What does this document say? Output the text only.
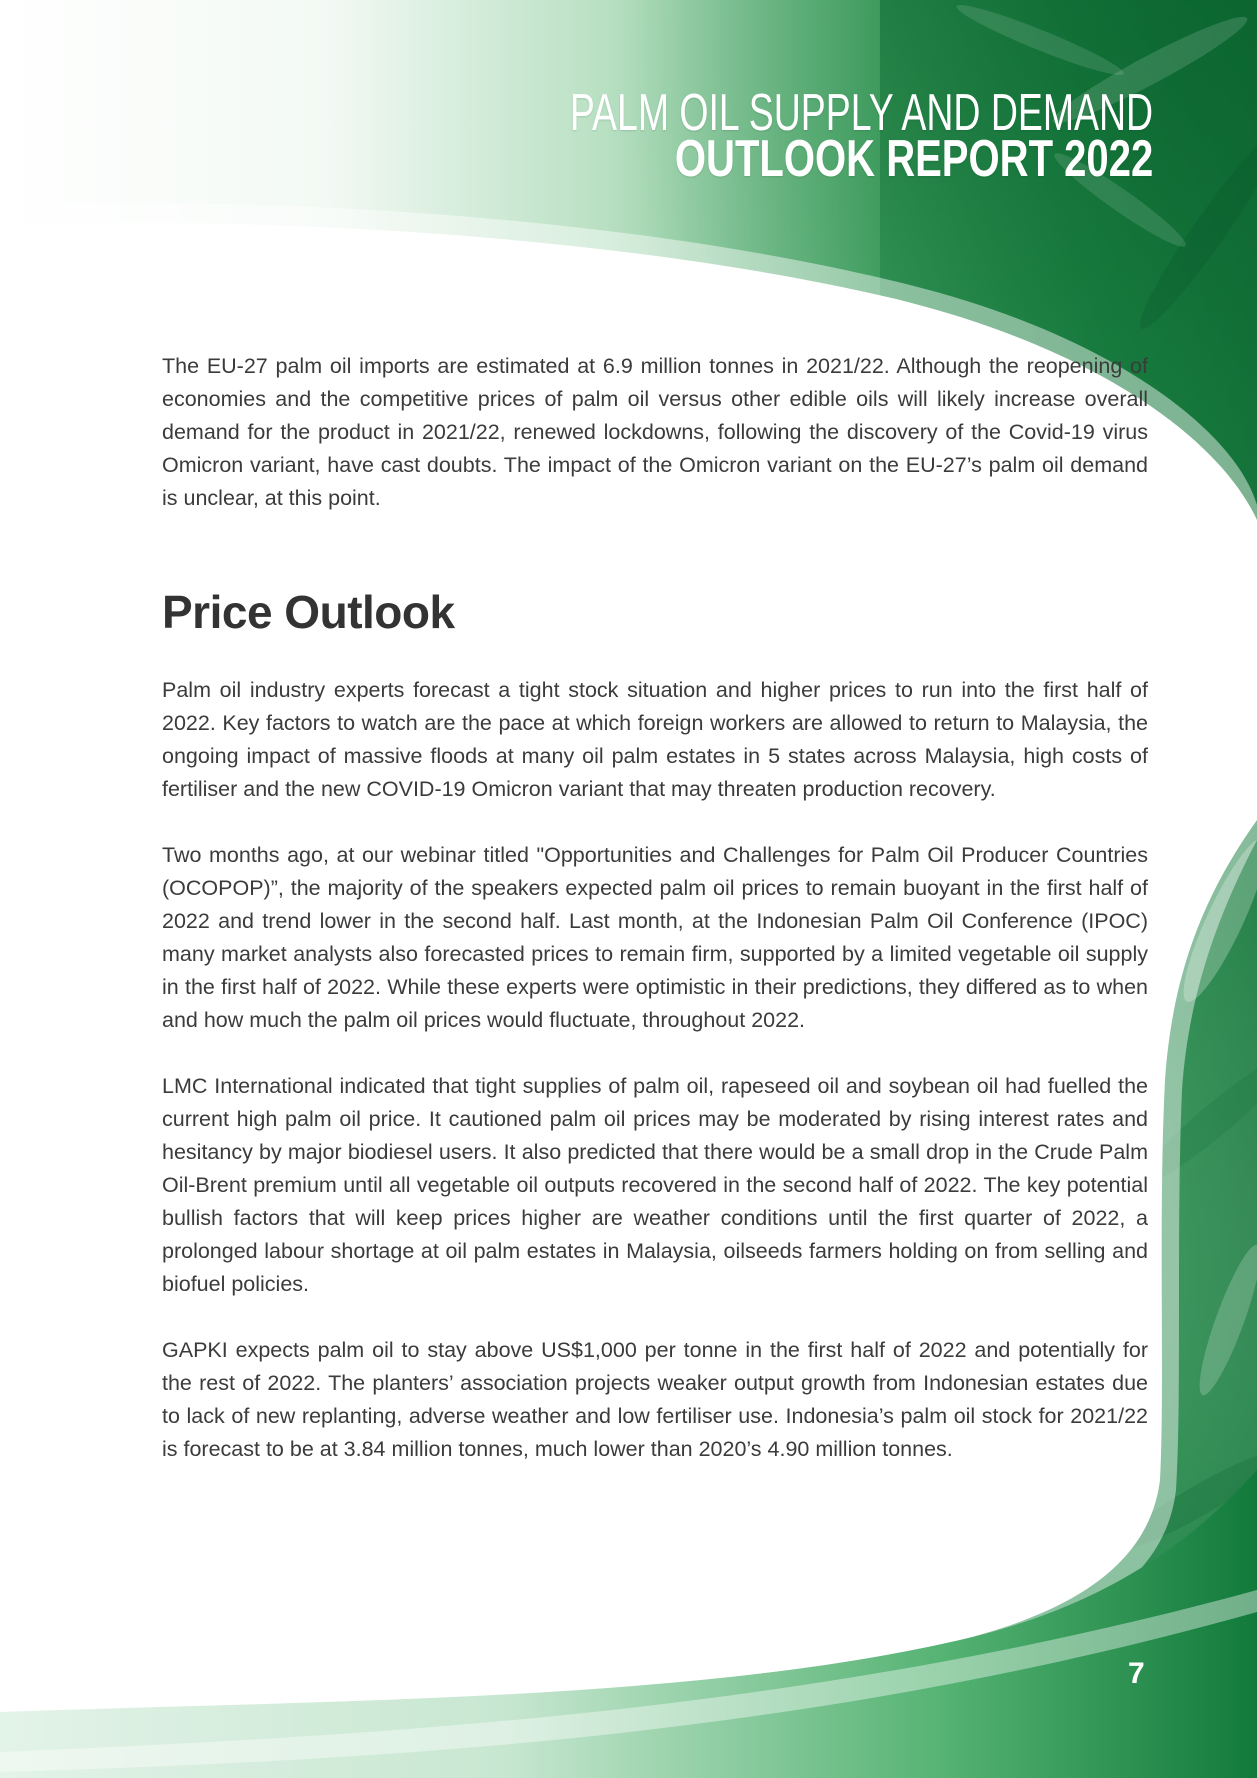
PALM OIL SUPPLY AND DEMAND
OUTLOOK REPORT 2022

The EU-27 palm oil imports are estimated at 6.9 million tonnes in 2021/22. Although the reopening of economies and the competitive prices of palm oil versus other edible oils will likely increase overall demand for the product in 2021/22, renewed lockdowns, following the discovery of the Covid-19 virus Omicron variant, have cast doubts. The impact of the Omicron variant on the EU-27’s palm oil demand is unclear, at this point.

Price Outlook

Palm oil industry experts forecast a tight stock situation and higher prices to run into the first half of 2022. Key factors to watch are the pace at which foreign workers are allowed to return to Malaysia, the ongoing impact of massive floods at many oil palm estates in 5 states across Malaysia, high costs of fertiliser and the new COVID-19 Omicron variant that may threaten production recovery.

Two months ago, at our webinar titled "Opportunities and Challenges for Palm Oil Producer Countries (OCOPOP)”, the majority of the speakers expected palm oil prices to remain buoyant in the first half of 2022 and trend lower in the second half. Last month, at the Indonesian Palm Oil Conference (IPOC) many market analysts also forecasted prices to remain firm, supported by a limited vegetable oil supply in the first half of 2022. While these experts were optimistic in their predictions, they differed as to when and how much the palm oil prices would fluctuate, throughout 2022.

LMC International indicated that tight supplies of palm oil, rapeseed oil and soybean oil had fuelled the current high palm oil price. It cautioned palm oil prices may be moderated by rising interest rates and hesitancy by major biodiesel users. It also predicted that there would be a small drop in the Crude Palm Oil-Brent premium until all vegetable oil outputs recovered in the second half of 2022. The key potential bullish factors that will keep prices higher are weather conditions until the first quarter of 2022, a prolonged labour shortage at oil palm estates in Malaysia, oilseeds farmers holding on from selling and biofuel policies.

GAPKI expects palm oil to stay above US$1,000 per tonne in the first half of 2022 and potentially for the rest of 2022. The planters’ association projects weaker output growth from Indonesian estates due to lack of new replanting, adverse weather and low fertiliser use. Indonesia’s palm oil stock for 2021/22 is forecast to be at 3.84 million tonnes, much lower than 2020’s 4.90 million tonnes.

7
